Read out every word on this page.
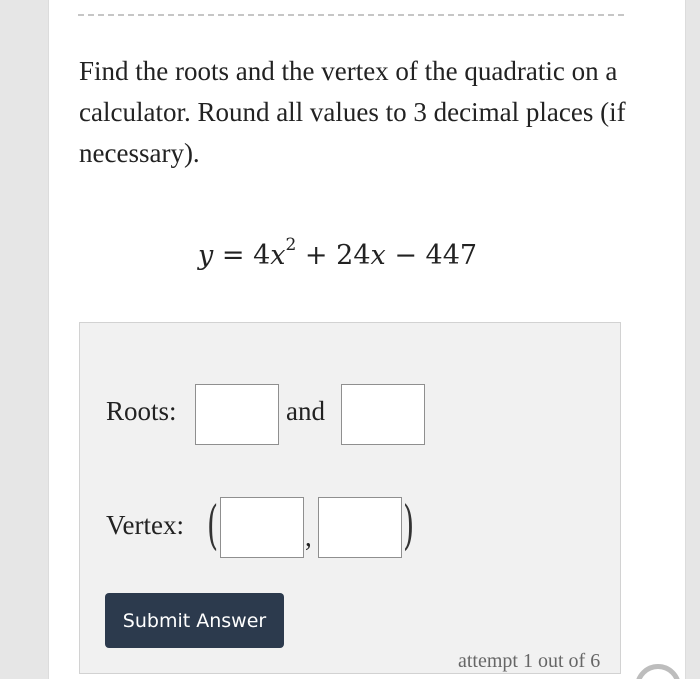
Find the roots and the vertex of the quadratic on a calculator. Round all values to 3 decimal places (if necessary).

$y = 4x^2 + 24x - 447$
Roots:	and
Vertex: (	, )
Submit Answer
attempt 1 out of 6
